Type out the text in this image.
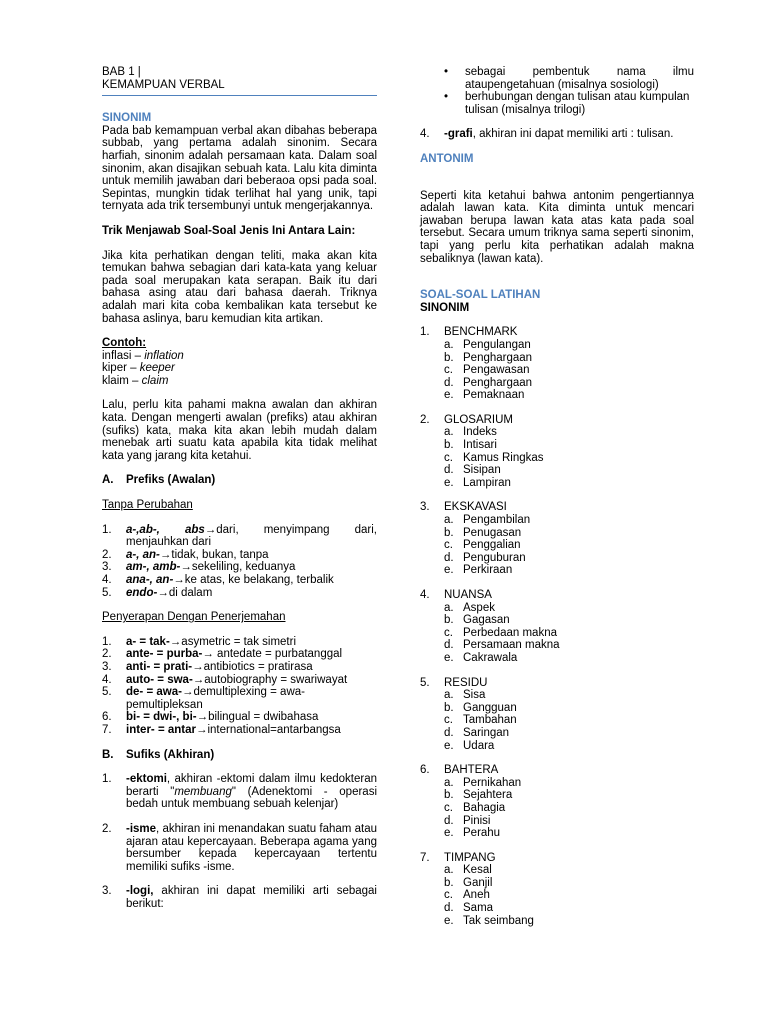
BAB 1 |

KEMAMPUAN VERBAL

SINONIM

Pada bab kemampuan verbal akan dibahas beberapa subbab, yang pertama adalah sinonim. Secara harfiah, sinonim adalah persamaan kata. Dalam soal sinonim, akan disajikan sebuah kata. Lalu kita diminta untuk memilih jawaban dari beberaoa opsi pada soal. Sepintas, mungkin tidak terlihat hal yang unik, tapi ternyata ada trik tersembunyi untuk mengerjakannya.

Trik Menjawab Soal-Soal Jenis Ini Antara Lain:

Jika kita perhatikan dengan teliti, maka akan kita temukan bahwa sebagian dari kata-kata yang keluar pada soal merupakan kata serapan. Baik itu dari bahasa asing atau dari bahasa daerah. Triknya adalah mari kita coba kembalikan kata tersebut ke bahasa aslinya, baru kemudian kita artikan.

Contoh:

inflasi – inflation

kiper – keeper

klaim – claim

Lalu, perlu kita pahami makna awalan dan akhiran kata. Dengan mengerti awalan (prefiks) atau akhiran (sufiks) kata, maka kita akan lebih mudah dalam menebak arti suatu kata apabila kita tidak melihat kata yang jarang kita ketahui.

A.	Prefiks (Awalan)

Tanpa Perubahan

1.	a-,ab-, abs→dari, menyimpang dari,
menjauhkan dari
2.	a-, an-→tidak, bukan, tanpa
3.	am-, amb-→sekeliling, keduanya
4.	ana-, an-→ke atas, ke belakang, terbalik
5.	endo-→di dalam

Penyerapan Dengan Penerjemahan

1.	a- = tak-→asymetric = tak simetri
2.	ante- = purba-→ antedate = purbatanggal
3.	anti- = prati-→antibiotics = pratirasa
4.	auto- = swa-→autobiography = swariwayat
5.	de- = awa-→demultiplexing = awa-pemultipleksan
6.	bi- = dwi-, bi-→bilingual = dwibahasa
7.	inter- = antar→international=antarbangsa
B.	Sufiks (Akhiran)
1.	-ektomi, akhiran -ektomi dalam ilmu kedokteran berarti "membuang" (Adenektomi - operasi bedah untuk membuang sebuah kelenjar)

2.	-isme, akhiran ini menandakan suatu faham atau ajaran atau kepercayaan. Beberapa agama yang bersumber kepada kepercayaan tertentu memiliki sufiks -isme.

3.	-logi, akhiran ini dapat memiliki arti sebagai berikut:

•	sebagai pembentuk nama ilmu ataupengetahuan (misalnya sosiologi)

•	berhubungan dengan tulisan atau kumpulan tulisan (misalnya trilogi)

4.	-grafi, akhiran ini dapat memiliki arti : tulisan.

ANTONIM

Seperti kita ketahui bahwa antonim pengertiannya adalah lawan kata. Kita diminta untuk mencari jawaban berupa lawan kata atas kata pada soal tersebut. Secara umum triknya sama seperti sinonim, tapi yang perlu kita perhatikan adalah makna sebaliknya (lawan kata).

SOAL-SOAL LATIHAN

SINONIM

1.	BENCHMARK
a. Pengulangan
b. Penghargaan
c. Pengawasan
d. Penghargaan
e. Pemaknaan
2.	GLOSARIUM
a. Indeks
b. Intisari
c. Kamus Ringkas
d. Sisipan
e. Lampiran
3.	EKSKAVASI
a. Pengambilan
b. Penugasan
c. Penggalian
d. Penguburan
e. Perkiraan
4.	NUANSA
a. Aspek
b. Gagasan
c. Perbedaan makna
d. Persamaan makna
e. Cakrawala
5.	RESIDU
a. Sisa
b. Gangguan
c. Tambahan
d. Saringan
e. Udara
6.	BAHTERA
a. Pernikahan
b. Sejahtera
c. Bahagia
d. Pinisi
e. Perahu
7.	TIMPANG
a. Kesal
b. Ganjil
c. Aneh
d. Sama
e. Tak seimbang
